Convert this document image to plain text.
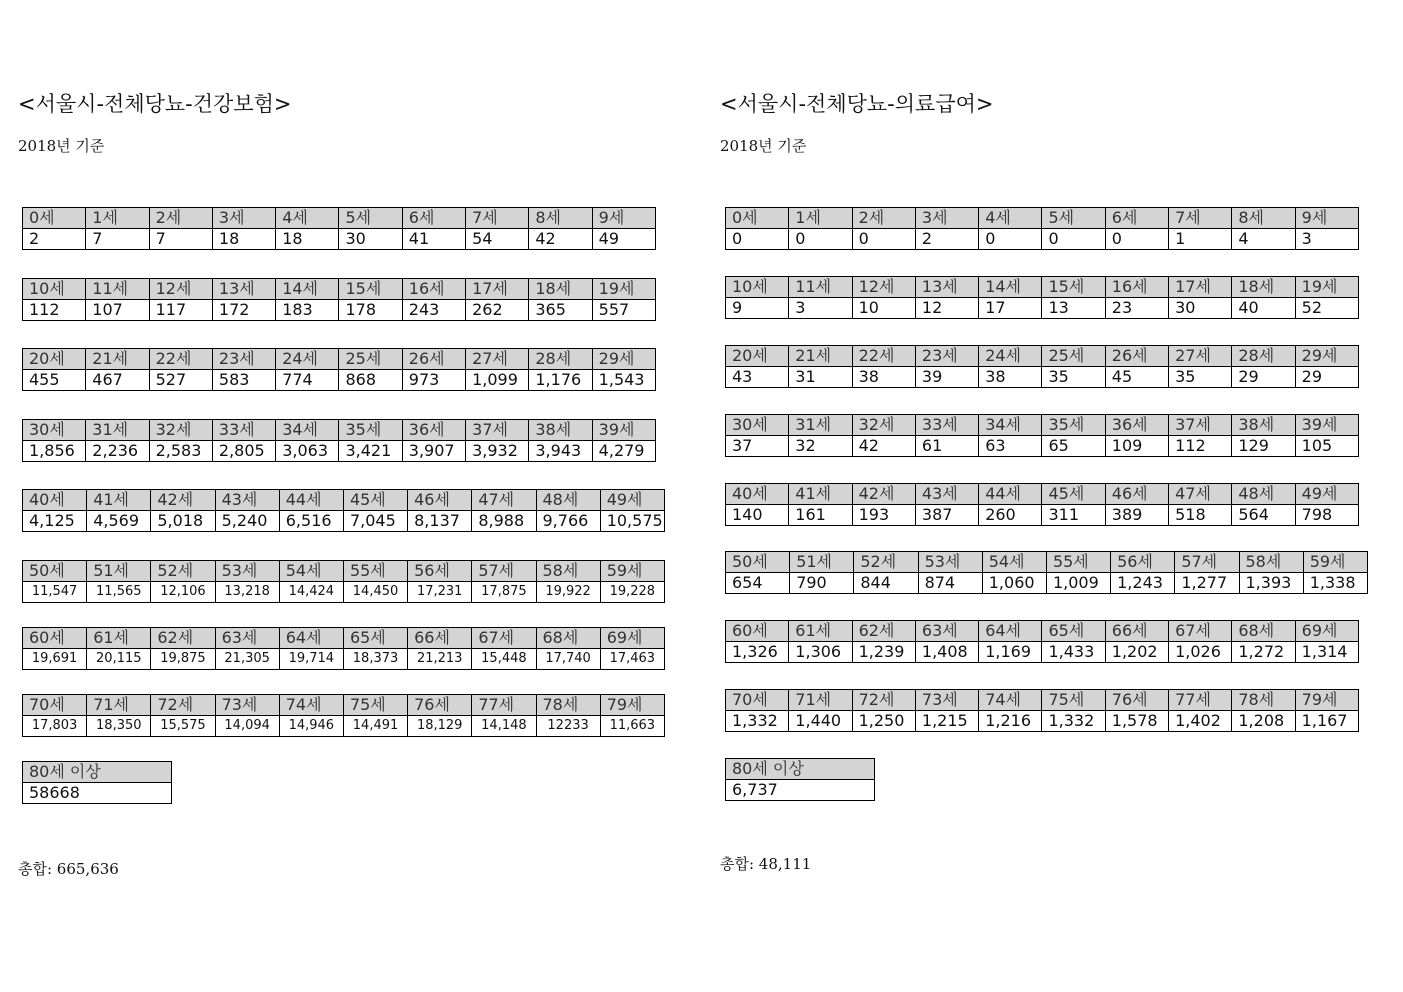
<서울시-전체당뇨-건강보험>
2018년 기준
0세	1세	2세	3세	4세	5세	6세	7세	8세	9세
2	7	7	18	18	30	41	54	42	49
10세	11세	12세	13세	14세	15세	16세	17세	18세	19세
112	107	117	172	183	178	243	262	365	557
20세	21세	22세	23세	24세	25세	26세	27세	28세	29세
455	467	527	583	774	868	973	1,099	1,176	1,543
30세	31세	32세	33세	34세	35세	36세	37세	38세	39세
1,856	2,236	2,583	2,805	3,063	3,421	3,907	3,932	3,943	4,279
40세	41세	42세	43세	44세	45세	46세	47세	48세	49세
4,125	4,569	5,018	5,240	6,516	7,045	8,137	8,988	9,766	10,575
50세	51세	52세	53세	54세	55세	56세	57세	58세	59세
11,547	11,565	12,106	13,218	14,424	14,450	17,231	17,875	19,922	19,228
60세	61세	62세	63세	64세	65세	66세	67세	68세	69세
19,691	20,115	19,875	21,305	19,714	18,373	21,213	15,448	17,740	17,463
70세	71세	72세	73세	74세	75세	76세	77세	78세	79세
17,803	18,350	15,575	14,094	14,946	14,491	18,129	14,148	12233	11,663
80세 이상
58668
총합: 665,636
<서울시-전체당뇨-의료급여>
2018년 기준
0세	1세	2세	3세	4세	5세	6세	7세	8세	9세
0	0	0	2	0	0	0	1	4	3
10세	11세	12세	13세	14세	15세	16세	17세	18세	19세
9	3	10	12	17	13	23	30	40	52
20세	21세	22세	23세	24세	25세	26세	27세	28세	29세
43	31	38	39	38	35	45	35	29	29
30세	31세	32세	33세	34세	35세	36세	37세	38세	39세
37	32	42	61	63	65	109	112	129	105
40세	41세	42세	43세	44세	45세	46세	47세	48세	49세
140	161	193	387	260	311	389	518	564	798
50세	51세	52세	53세	54세	55세	56세	57세	58세	59세
654	790	844	874	1,060	1,009	1,243	1,277	1,393	1,338
60세	61세	62세	63세	64세	65세	66세	67세	68세	69세
1,326	1,306	1,239	1,408	1,169	1,433	1,202	1,026	1,272	1,314
70세	71세	72세	73세	74세	75세	76세	77세	78세	79세
1,332	1,440	1,250	1,215	1,216	1,332	1,578	1,402	1,208	1,167
80세 이상
6,737
총합: 48,111
